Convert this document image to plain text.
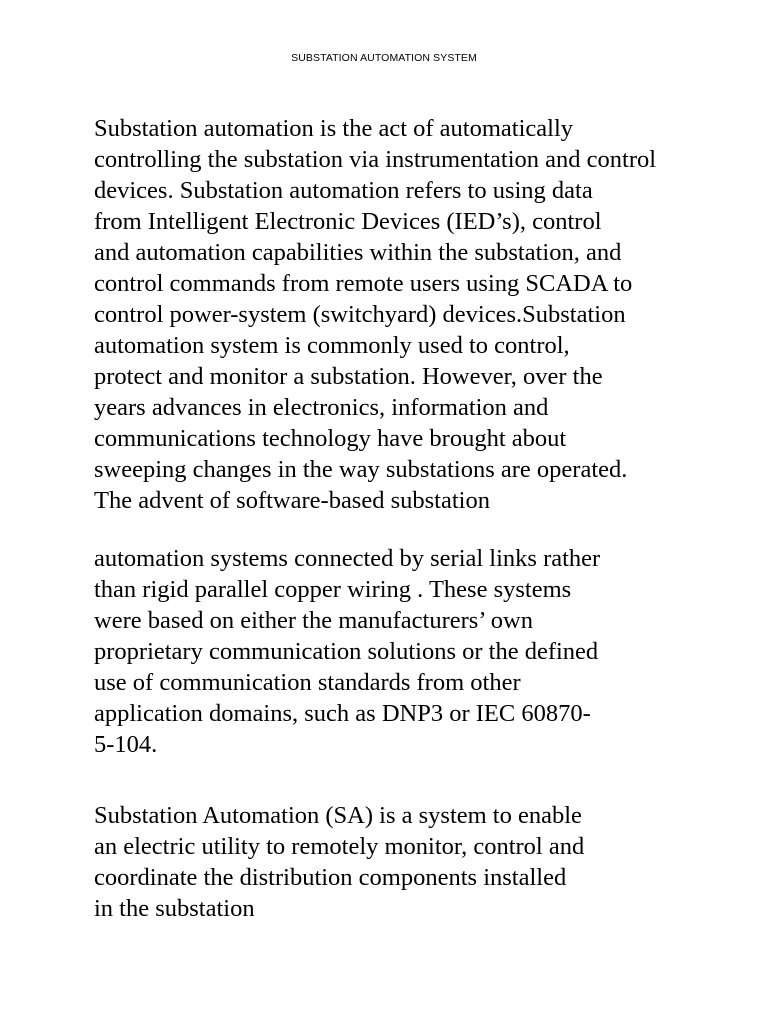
SUBSTATION AUTOMATION SYSTEM

Substation automation is the act of automatically
controlling the substation via instrumentation and control
devices. Substation automation refers to using data
from Intelligent Electronic Devices (IED’s), control
and automation capabilities within the substation, and
control commands from remote users using SCADA to
control power-system (switchyard) devices.Substation
automation system is commonly used to control,
protect and monitor a substation. However, over the
years advances in electronics, information and
communications technology have brought about
sweeping changes in the way substations are operated.
The advent of software-based substation

automation systems connected by serial links rather
than rigid parallel copper wiring . These systems
were based on either the manufacturers’ own
proprietary communication solutions or the defined
use of communication standards from other
application domains, such as DNP3 or IEC 60870-
5-104.

Substation Automation (SA) is a system to enable
an electric utility to remotely monitor, control and
coordinate the distribution components installed
in the substation
